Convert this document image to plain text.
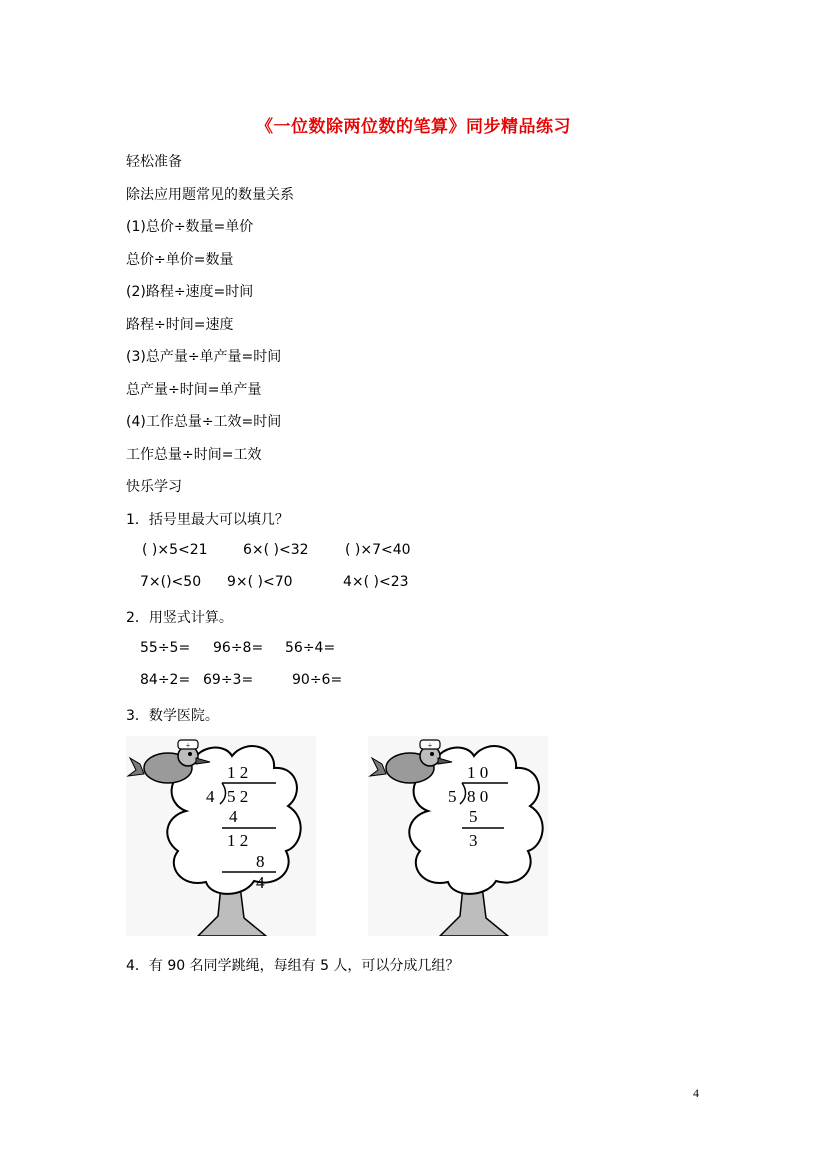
《一位数除两位数的笔算》同步精品练习
轻松准备
除法应用题常见的数量关系
(1)总价÷数量=单价
总价÷单价=数量
(2)路程÷速度=时间
路程÷时间=速度
(3)总产量÷单产量=时间
总产量÷时间=单产量
(4)工作总量÷工效=时间
工作总量÷时间=工效
快乐学习
1．括号里最大可以填几？
( )×5<21	6×( )<32	( )×7<40
7×()<50 9×( )<70	4×( )<23
2．用竖式计算。
55÷5= 96÷8= 56÷4=
84÷2= 69÷3=	90÷6=
3．数学医院。
+
1 2
4 5 2
4
1 2
8
4
+
1 0
5 8 0
5
3
4．有 90 名同学跳绳，每组有 5 人，可以分成几组？
4
